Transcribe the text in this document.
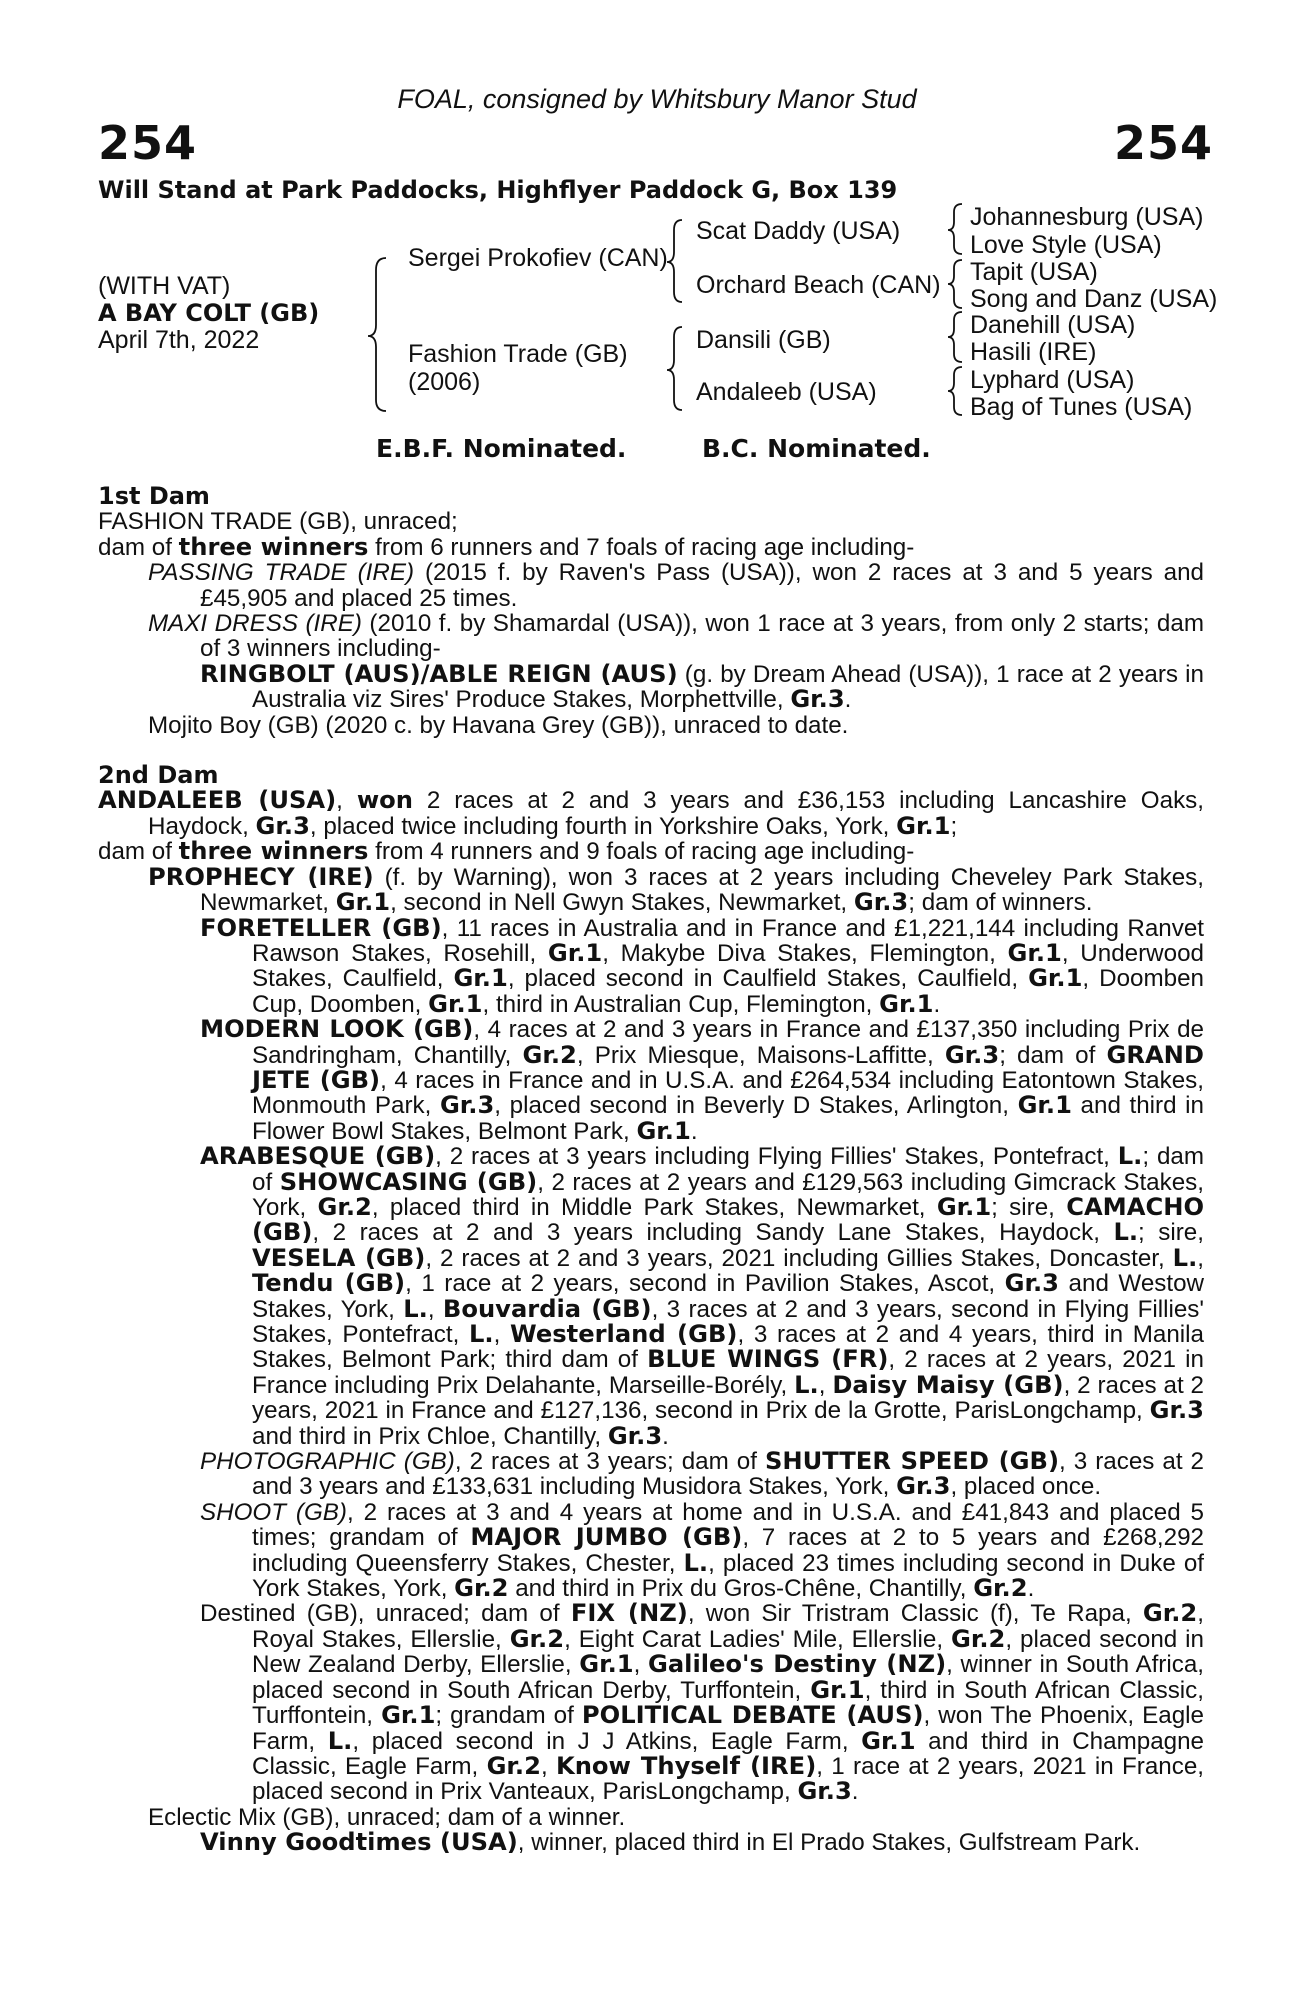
FOAL, consigned by Whitsbury Manor Stud
254	254
Will Stand at Park Paddocks, Highflyer Paddock G, Box 139
(WITH VAT)
A BAY COLT (GB)
April 7th, 2022
Sergei Prokofiev (CAN)
Fashion Trade (GB)
(2006)
Scat Daddy (USA)
Orchard Beach (CAN)
Dansili (GB)
Andaleeb (USA)
Johannesburg (USA)
Love Style (USA)
Tapit (USA)
Song and Danz (USA)
Danehill (USA)
Hasili (IRE)
Lyphard (USA)
Bag of Tunes (USA)
E.B.F. Nominated.	B.C. Nominated.
1st Dam
FASHION TRADE (GB), unraced;
dam of three winners from 6 runners and 7 foals of racing age including-
PASSING TRADE (IRE) (2015 f. by Raven's Pass (USA)), won 2 races at 3 and 5 years and £45,905 and placed 25 times.
MAXI DRESS (IRE) (2010 f. by Shamardal (USA)), won 1 race at 3 years, from only 2 starts; dam of 3 winners including-
RINGBOLT (AUS)/ABLE REIGN (AUS) (g. by Dream Ahead (USA)), 1 race at 2 years in Australia viz Sires' Produce Stakes, Morphettville, Gr.3.
Mojito Boy (GB) (2020 c. by Havana Grey (GB)), unraced to date.
2nd Dam
ANDALEEB (USA), won 2 races at 2 and 3 years and £36,153 including Lancashire Oaks, Haydock, Gr.3, placed twice including fourth in Yorkshire Oaks, York, Gr.1;
dam of three winners from 4 runners and 9 foals of racing age including-
PROPHECY (IRE) (f. by Warning), won 3 races at 2 years including Cheveley Park Stakes, Newmarket, Gr.1, second in Nell Gwyn Stakes, Newmarket, Gr.3; dam of winners.
FORETELLER (GB), 11 races in Australia and in France and £1,221,144 including Ranvet Rawson Stakes, Rosehill, Gr.1, Makybe Diva Stakes, Flemington, Gr.1, Underwood Stakes, Caulfield, Gr.1, placed second in Caulfield Stakes, Caulfield, Gr.1, Doomben Cup, Doomben, Gr.1, third in Australian Cup, Flemington, Gr.1.
MODERN LOOK (GB), 4 races at 2 and 3 years in France and £137,350 including Prix de Sandringham, Chantilly, Gr.2, Prix Miesque, Maisons-Laffitte, Gr.3; dam of GRAND JETE (GB), 4 races in France and in U.S.A. and £264,534 including Eatontown Stakes, Monmouth Park, Gr.3, placed second in Beverly D Stakes, Arlington, Gr.1 and third in Flower Bowl Stakes, Belmont Park, Gr.1.
ARABESQUE (GB), 2 races at 3 years including Flying Fillies' Stakes, Pontefract, L.; dam of SHOWCASING (GB), 2 races at 2 years and £129,563 including Gimcrack Stakes, York, Gr.2, placed third in Middle Park Stakes, Newmarket, Gr.1; sire, CAMACHO (GB), 2 races at 2 and 3 years including Sandy Lane Stakes, Haydock, L.; sire, VESELA (GB), 2 races at 2 and 3 years, 2021 including Gillies Stakes, Doncaster, L., Tendu (GB), 1 race at 2 years, second in Pavilion Stakes, Ascot, Gr.3 and Westow Stakes, York, L., Bouvardia (GB), 3 races at 2 and 3 years, second in Flying Fillies' Stakes, Pontefract, L., Westerland (GB), 3 races at 2 and 4 years, third in Manila Stakes, Belmont Park; third dam of BLUE WINGS (FR), 2 races at 2 years, 2021 in France including Prix Delahante, Marseille-Borély, L., Daisy Maisy (GB), 2 races at 2 years, 2021 in France and £127,136, second in Prix de la Grotte, ParisLongchamp, Gr.3 and third in Prix Chloe, Chantilly, Gr.3.
PHOTOGRAPHIC (GB), 2 races at 3 years; dam of SHUTTER SPEED (GB), 3 races at 2 and 3 years and £133,631 including Musidora Stakes, York, Gr.3, placed once.
SHOOT (GB), 2 races at 3 and 4 years at home and in U.S.A. and £41,843 and placed 5 times; grandam of MAJOR JUMBO (GB), 7 races at 2 to 5 years and £268,292 including Queensferry Stakes, Chester, L., placed 23 times including second in Duke of York Stakes, York, Gr.2 and third in Prix du Gros-Chêne, Chantilly, Gr.2.
Destined (GB), unraced; dam of FIX (NZ), won Sir Tristram Classic (f), Te Rapa, Gr.2, Royal Stakes, Ellerslie, Gr.2, Eight Carat Ladies' Mile, Ellerslie, Gr.2, placed second in New Zealand Derby, Ellerslie, Gr.1, Galileo's Destiny (NZ), winner in South Africa, placed second in South African Derby, Turffontein, Gr.1, third in South African Classic, Turffontein, Gr.1; grandam of POLITICAL DEBATE (AUS), won The Phoenix, Eagle Farm, L., placed second in J J Atkins, Eagle Farm, Gr.1 and third in Champagne Classic, Eagle Farm, Gr.2, Know Thyself (IRE), 1 race at 2 years, 2021 in France, placed second in Prix Vanteaux, ParisLongchamp, Gr.3.
Eclectic Mix (GB), unraced; dam of a winner.
Vinny Goodtimes (USA), winner, placed third in El Prado Stakes, Gulfstream Park.
